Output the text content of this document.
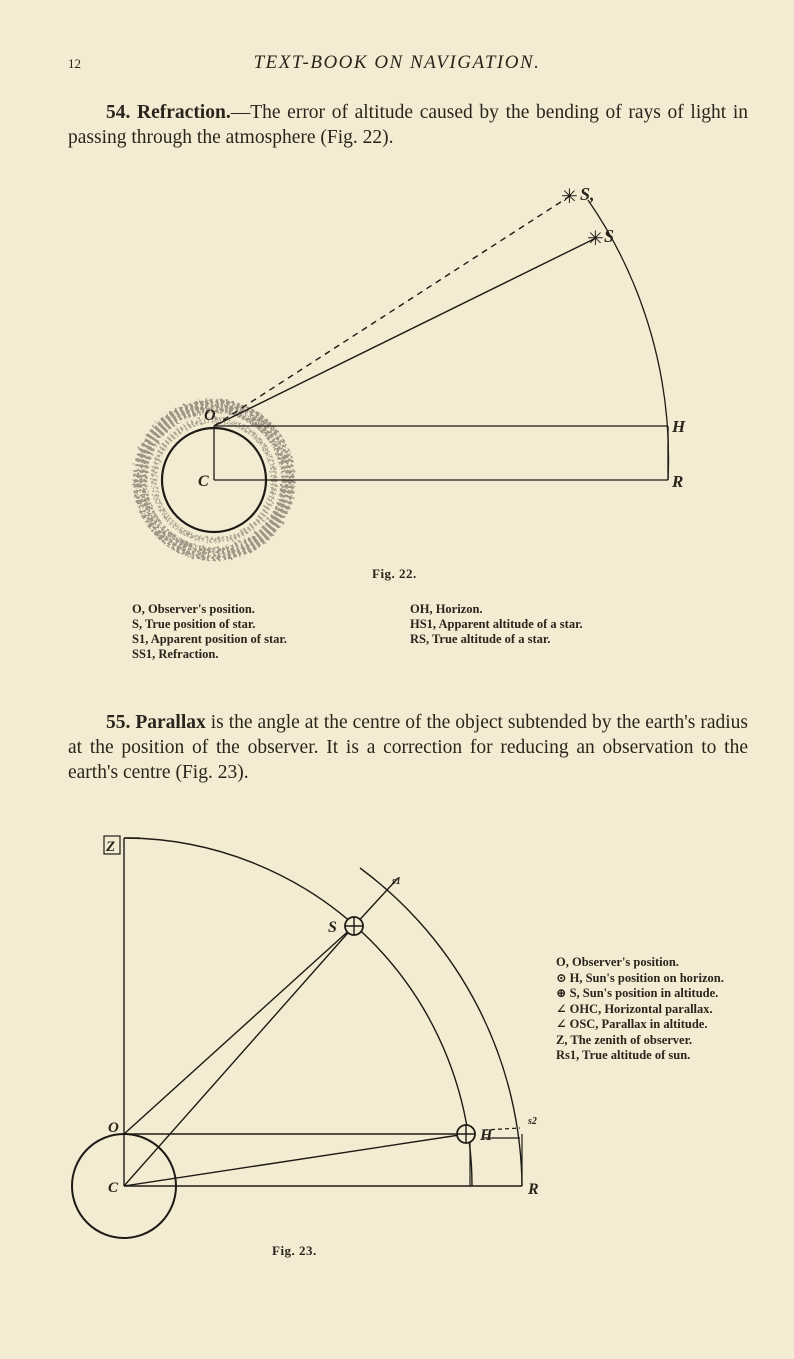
12	TEXT-BOOK ON NAVIGATION.
54. Refraction.—The error of altitude caused by the bending of rays of light in passing through the atmosphere (Fig. 22).
✳
✳
S,
S
O
C
H
R
Fig. 22.
O, Observer's position.
S, True position of star.
S1, Apparent position of star.
SS1, Refraction.
OH, Horizon.
HS1, Apparent altitude of a star.
RS, True altitude of a star.
55. Parallax is the angle at the centre of the object subtended by the earth's radius at the position of the observer. It is a correction for reducing an observation to the earth's centre (Fig. 23).
Z
S
O
C
H
R
s1
s2
O, Observer's position.
⊙ H, Sun's position on horizon.
⊕ S, Sun's position in altitude.
∠ OHC, Horizontal parallax.
∠ OSC, Parallax in altitude.
Z, The zenith of observer.
Rs1, True altitude of sun.
Fig. 23.
